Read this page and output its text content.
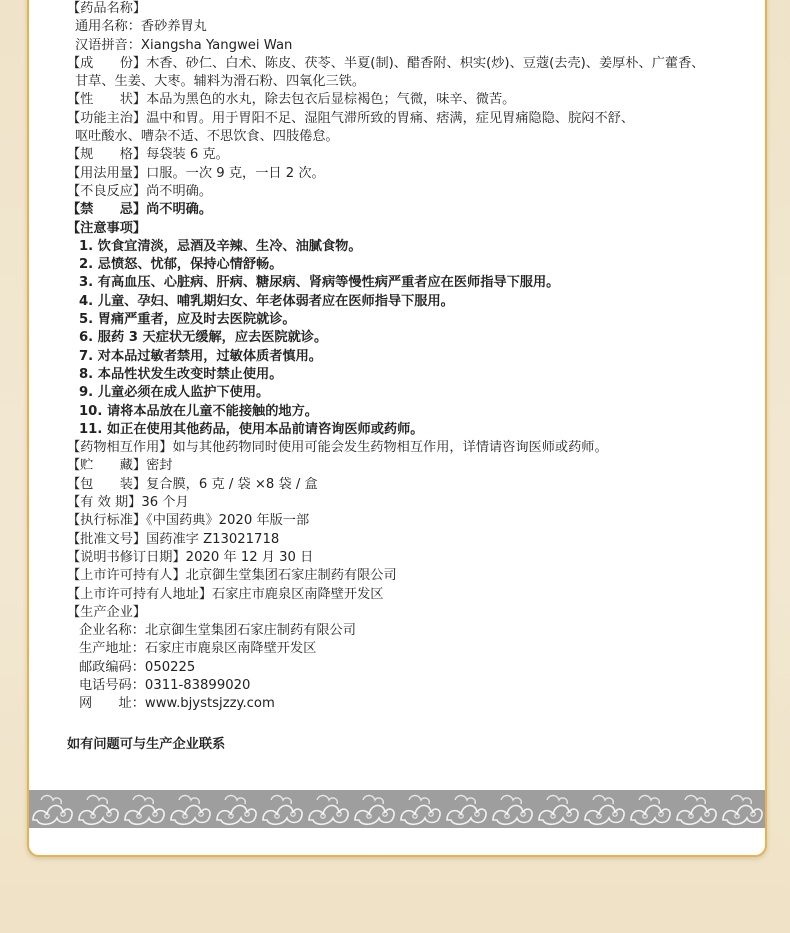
【药品名称】
通用名称：香砂养胃丸
汉语拼音：Xiangsha Yangwei Wan
【成　　份】木香、砂仁、白术、陈皮、茯苓、半夏(制)、醋香附、枳实(炒)、豆蔻(去壳)、姜厚朴、广藿香、
甘草、生姜、大枣。辅料为滑石粉、四氧化三铁。
【性　　状】本品为黑色的水丸，除去包衣后显棕褐色；气微，味辛、微苦。
【功能主治】温中和胃。用于胃阳不足、湿阻气滞所致的胃痛、痞满，症见胃痛隐隐、脘闷不舒、
呕吐酸水、嘈杂不适、不思饮食、四肢倦怠。
【规　　格】每袋装 6 克。
【用法用量】口服。一次 9 克，一日 2 次。
【不良反应】尚不明确。
【禁　　忌】尚不明确。
【注意事项】
1. 饮食宜清淡，忌酒及辛辣、生冷、油腻食物。
2. 忌愤怒、忧郁，保持心情舒畅。
3. 有高血压、心脏病、肝病、糖尿病、肾病等慢性病严重者应在医师指导下服用。
4. 儿童、孕妇、哺乳期妇女、年老体弱者应在医师指导下服用。
5. 胃痛严重者，应及时去医院就诊。
6. 服药 3 天症状无缓解，应去医院就诊。
7. 对本品过敏者禁用，过敏体质者慎用。
8. 本品性状发生改变时禁止使用。
9. 儿童必须在成人监护下使用。
10. 请将本品放在儿童不能接触的地方。
11. 如正在使用其他药品，使用本品前请咨询医师或药师。
【药物相互作用】如与其他药物同时使用可能会发生药物相互作用，详情请咨询医师或药师。
【贮　　藏】密封
【包　　装】复合膜，6 克 / 袋 ×8 袋 / 盒
【有 效 期】36 个月
【执行标准】《中国药典》2020 年版一部
【批准文号】国药准字 Z13021718
【说明书修订日期】2020 年 12 月 30 日
【上市许可持有人】北京御生堂集团石家庄制药有限公司
【上市许可持有人地址】石家庄市鹿泉区南降壁开发区
【生产企业】
企业名称：北京御生堂集团石家庄制药有限公司
生产地址：石家庄市鹿泉区南降壁开发区
邮政编码：050225
电话号码：0311-83899020
网　　址：www.bjystsjzzy.com
如有问题可与生产企业联系
